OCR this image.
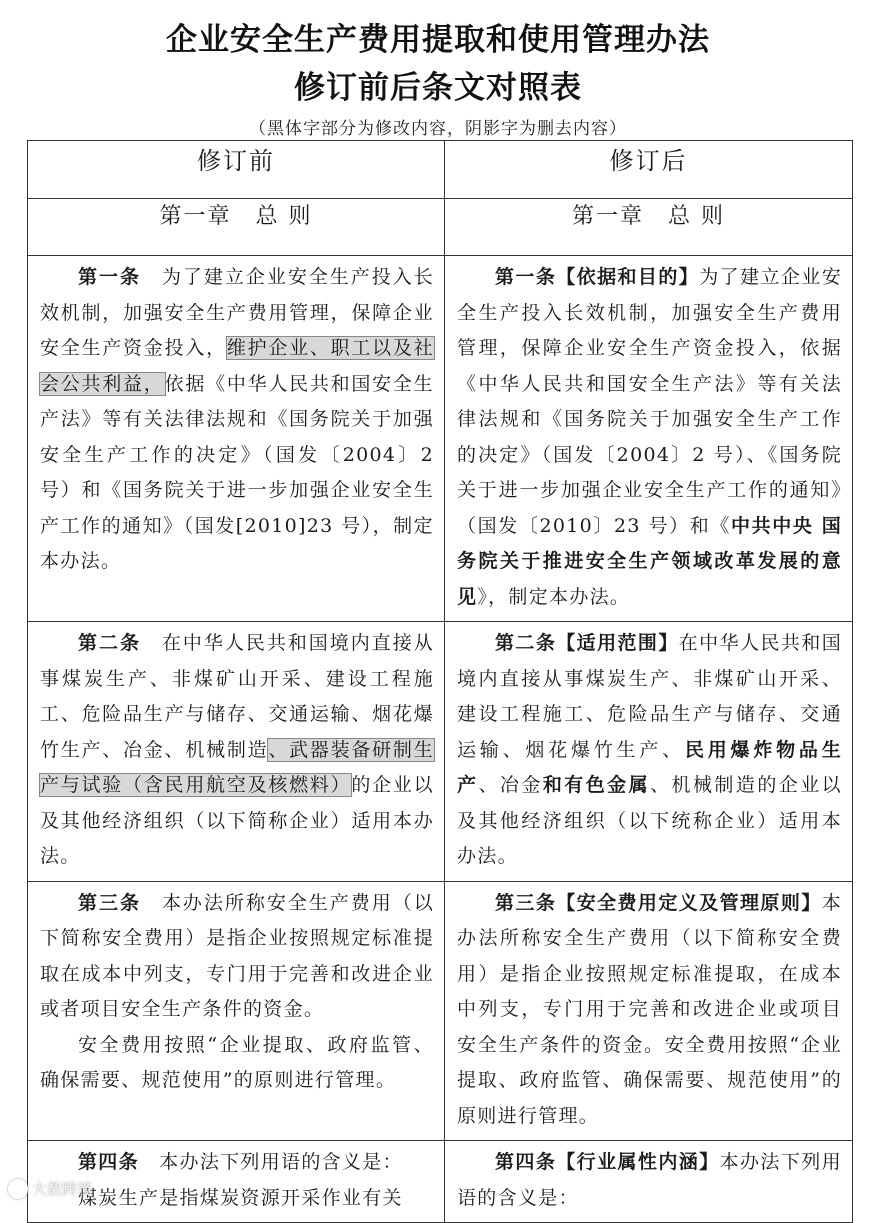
企业安全生产费用提取和使用管理办法
修订前后条文对照表
（黑体字部分为修改内容，阴影字为删去内容）
修订前	修订后
第一章　总 则	第一章　总 则

第一条　 为了建立企业安全生产投入长效机制，加强安全生产费用管理，保障企业安全生产资金投入，维护企业、职工以及社会公共利益，依据《中华人民共和国安全生产法》等有关法律法规和《国务院关于加强安全生产工作的决定》（国发〔2004〕2 号）和《国务院关于进一步加强企业安全生产工作的通知》（国发[2010]23 号），制定本办法。	第一条【依据和目的】为了建立企业安全生产投入长效机制，加强安全生产费用管理，保障企业安全生产资金投入，依据《中华人民共和国安全生产法》等有关法律法规和《国务院关于加强安全生产工作的决定》（国发〔2004〕2 号）、《国务院关于进一步加强企业安全生产工作的通知》（国发〔2010〕23 号）和《中共中央 国务院关于推进安全生产领域改革发展的意见》，制定本办法。

第二条　 在中华人民共和国境内直接从事煤炭生产、非煤矿山开采、建设工程施工、危险品生产与储存、交通运输、烟花爆竹生产、冶金、机械制造、武器装备研制生产与试验（含民用航空及核燃料）的企业以及其他经济组织（以下简称企业）适用本办法。	第二条【适用范围】在中华人民共和国境内直接从事煤炭生产、非煤矿山开采、建设工程施工、危险品生产与储存、交通运输、烟花爆竹生产、民用爆炸物品生产、冶金和有色金属、机械制造的企业以及其他经济组织（以下统称企业）适用本办法。

第三条　 本办法所称安全生产费用（以下简称安全费用）是指企业按照规定标准提取在成本中列支，专门用于完善和改进企业或者项目安全生产条件的资金。

安全费用按照“企业提取、政府监管、确保需要、规范使用”的原则进行管理。	第三条【安全费用定义及管理原则】本办法所称安全生产费用（以下简称安全费用）是指企业按照规定标准提取，在成本中列支，专门用于完善和改进企业或项目安全生产条件的资金。安全费用按照“企业提取、政府监管、确保需要、规范使用”的原则进行管理。

第四条　 本办法下列用语的含义是：

煤炭生产是指煤炭资源开采作业有关	第四条【行业属性内涵】本办法下列用语的含义是：

大数跨境
